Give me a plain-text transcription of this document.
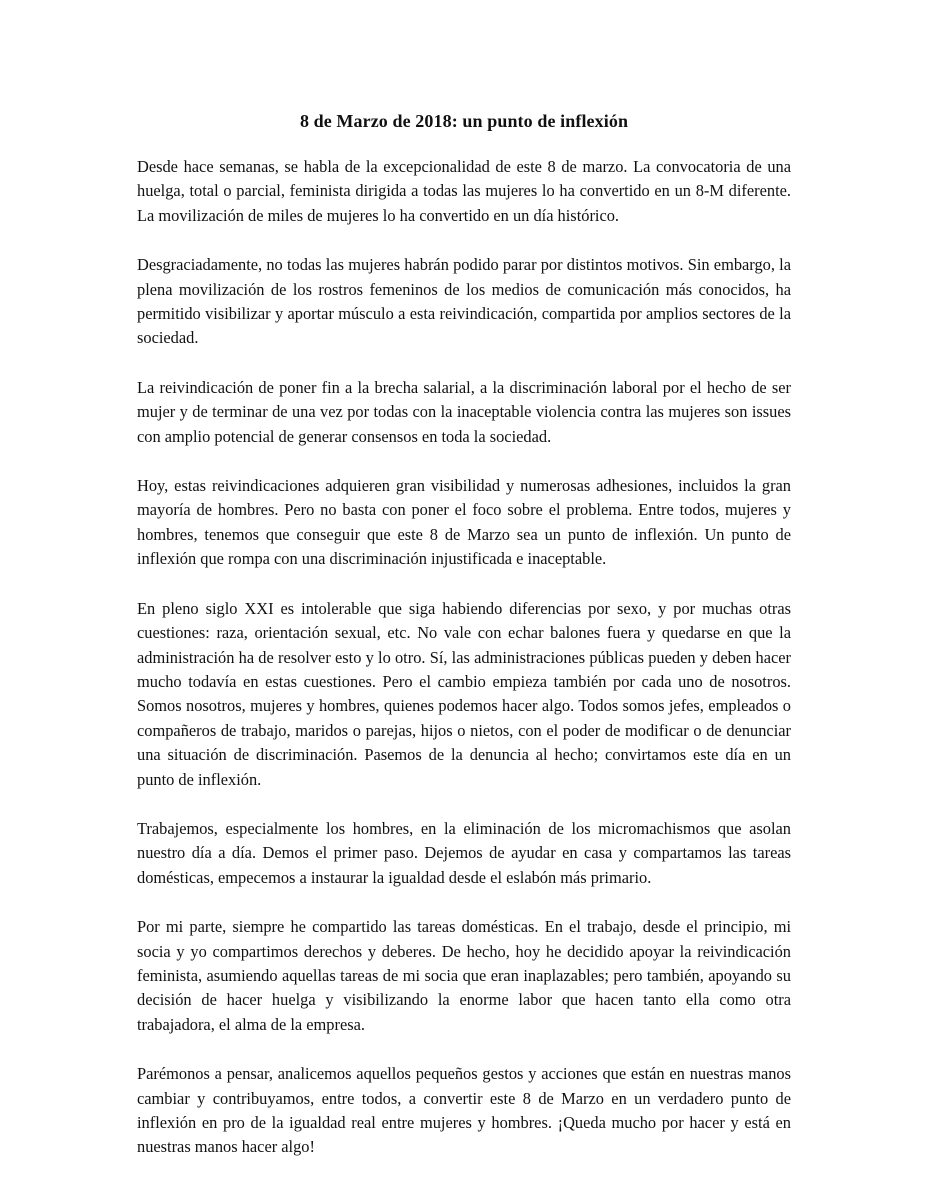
8 de Marzo de 2018: un punto de inflexión

Desde hace semanas, se habla de la excepcionalidad de este 8 de marzo. La convocatoria de una huelga, total o parcial, feminista dirigida a todas las mujeres lo ha convertido en un 8-M diferente. La movilización de miles de mujeres lo ha convertido en un día histórico.

Desgraciadamente, no todas las mujeres habrán podido parar por distintos motivos. Sin embargo, la plena movilización de los rostros femeninos de los medios de comunicación más conocidos, ha permitido visibilizar y aportar músculo a esta reivindicación, compartida por amplios sectores de la sociedad.

La reivindicación de poner fin a la brecha salarial, a la discriminación laboral por el hecho de ser mujer y de terminar de una vez por todas con la inaceptable violencia contra las mujeres son issues con amplio potencial de generar consensos en toda la sociedad.

Hoy, estas reivindicaciones adquieren gran visibilidad y numerosas adhesiones, incluidos la gran mayoría de hombres. Pero no basta con poner el foco sobre el problema. Entre todos, mujeres y hombres, tenemos que conseguir que este 8 de Marzo sea un punto de inflexión. Un punto de inflexión que rompa con una discriminación injustificada e inaceptable.

En pleno siglo XXI es intolerable que siga habiendo diferencias por sexo, y por muchas otras cuestiones: raza, orientación sexual, etc. No vale con echar balones fuera y quedarse en que la administración ha de resolver esto y lo otro. Sí, las administraciones públicas pueden y deben hacer mucho todavía en estas cuestiones. Pero el cambio empieza también por cada uno de nosotros. Somos nosotros, mujeres y hombres, quienes podemos hacer algo. Todos somos jefes, empleados o compañeros de trabajo, maridos o parejas, hijos o nietos, con el poder de modificar o de denunciar una situación de discriminación. Pasemos de la denuncia al hecho; convirtamos este día en un punto de inflexión.

Trabajemos, especialmente los hombres, en la eliminación de los micromachismos que asolan nuestro día a día. Demos el primer paso. Dejemos de ayudar en casa y compartamos las tareas domésticas, empecemos a instaurar la igualdad desde el eslabón más primario.

Por mi parte, siempre he compartido las tareas domésticas. En el trabajo, desde el principio, mi socia y yo compartimos derechos y deberes. De hecho, hoy he decidido apoyar la reivindicación feminista, asumiendo aquellas tareas de mi socia que eran inaplazables; pero también, apoyando su decisión de hacer huelga y visibilizando la enorme labor que hacen tanto ella como otra trabajadora, el alma de la empresa.

Parémonos a pensar, analicemos aquellos pequeños gestos y acciones que están en nuestras manos cambiar y contribuyamos, entre todos, a convertir este 8 de Marzo en un verdadero punto de inflexión en pro de la igualdad real entre mujeres y hombres. ¡Queda mucho por hacer y está en nuestras manos hacer algo!
